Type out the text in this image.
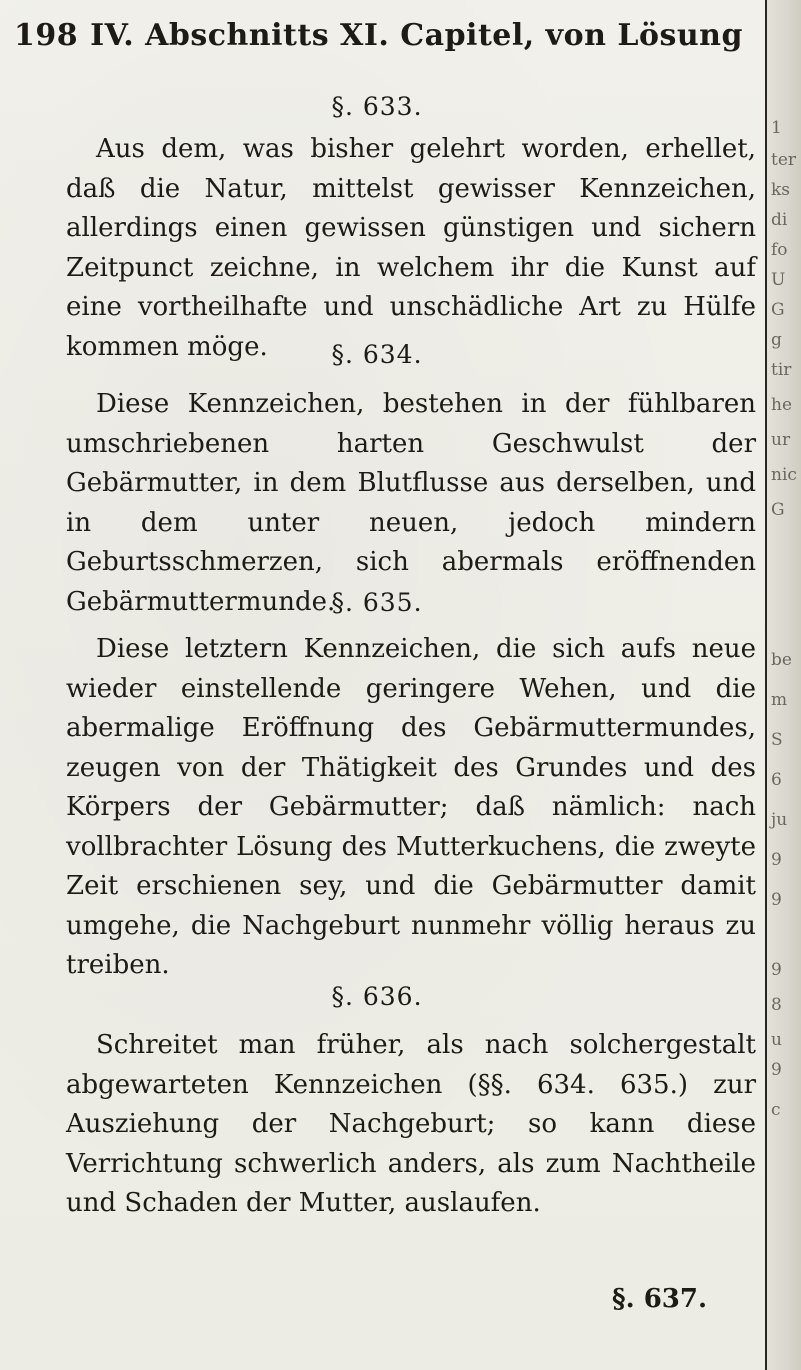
198 IV. Abschnitts XI. Capitel, von Lösung
§. 633.

Aus dem, was bisher gelehrt worden, erhellet, daß die Natur, mittelst gewisser Kennzeichen, allerdings einen gewissen günstigen und sichern Zeitpunct zeichne, in welchem ihr die Kunst auf eine vortheilhafte und unschädliche Art zu Hülfe kommen möge.	§. 634.

Diese Kennzeichen, bestehen in der fühlbaren umschriebenen harten Geschwulst der Gebärmutter, in dem Blutflusse aus derselben, und in dem unter neuen, jedoch mindern Geburtsschmerzen, sich abermals eröffnenden Gebärmuttermunde.

§. 635.

Diese letztern Kennzeichen, die sich aufs neue wieder einstellende geringere Wehen, und die abermalige Eröffnung des Gebärmuttermundes, zeugen von der Thätigkeit des Grundes und des Körpers der Gebärmutter; daß nämlich: nach vollbrachter Lösung des Mutterkuchens, die zweyte Zeit erschienen sey, und die Gebärmutter damit umgehe, die Nachgeburt nunmehr völlig heraus zu treiben.

§. 636.

Schreitet man früher, als nach solchergestalt abgewarteten Kennzeichen (§§. 634. 635.) zur Ausziehung der Nachgeburt; so kann diese Verrichtung schwerlich anders, als zum Nachtheile und Schaden der Mutter, auslaufen.

§. 637.
1
ter
ks
di
fo
U
G
g
tir
he
ur
nic
G
be
m
S
6
ju
9
9
9
8
u
9
c
